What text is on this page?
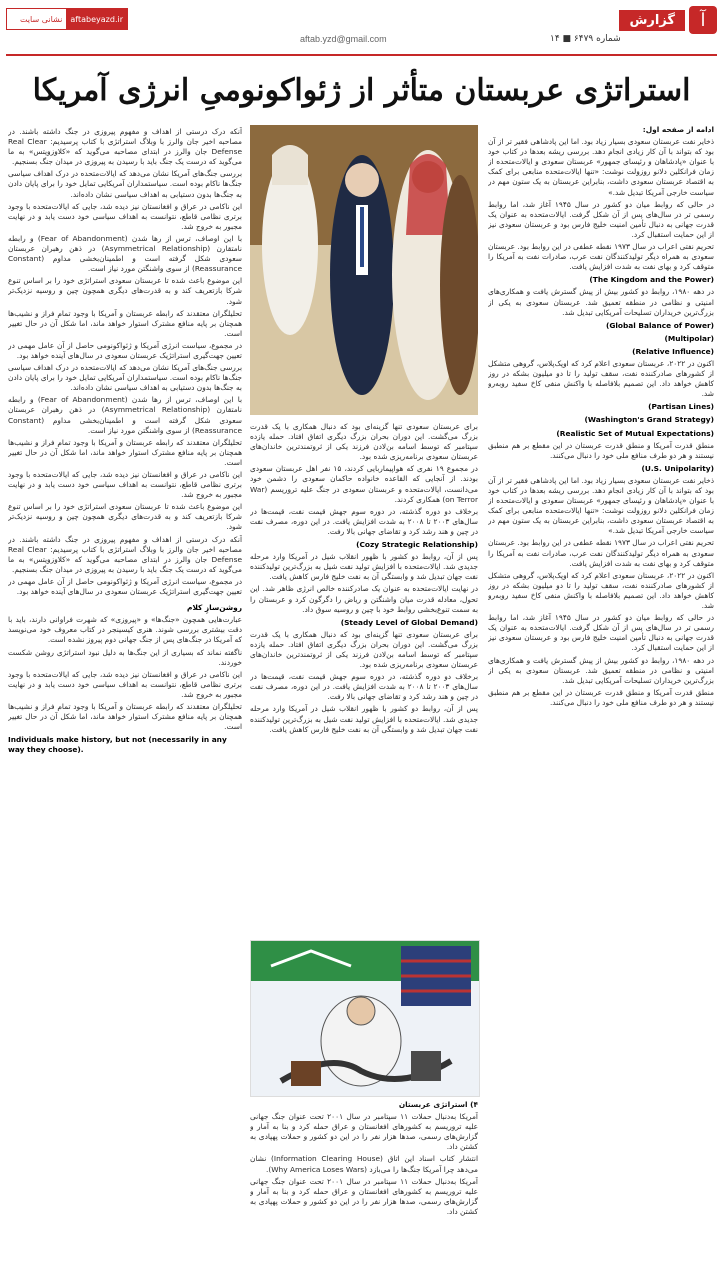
aftabeyazd.ir
نشانی سایت
aftab.yzd@gmail.com	۱۴ ■ شماره ۶۴۷۹
گزارش	آ
استراتژی عربستان متأثر از ژئواکونومیِ انرژی آمریکا
ادامه از صفحه اول:

ذخایر نفت عربستان سعودی بسیار زیاد بود. اما این پادشاهی فقیر تر از آن بود که بتواند با آن کار زیادی انجام دهد. بررسی ریشه بعدها در کتاب خود با عنوان «پادشاهان و رئیسای جمهور» عربستان سعودی و ایالات‌متحده از زمان فرانکلین دلانو روزولت نوشت: «تنها ایالات‌متحده منابعی برای کمک به اقتصاد عربستان سعودی داشت، بنابراین عربستان به یک ستون مهم در سیاست خارجی آمریکا تبدیل شد.»

در حالی که روابط میان دو کشور در سال ۱۹۴۵ آغاز شد، اما روابط رسمی تر در سال‌های پس از آن شکل گرفت. ایالات‌متحده به عنوان یک قدرت جهانی به دنبال تأمین امنیت خلیج فارس بود و عربستان سعودی نیز از این حمایت استقبال کرد.

تحریم نفتی اعراب در سال ۱۹۷۳ نقطه عطفی در این روابط بود. عربستان سعودی به همراه دیگر تولیدکنندگان نفت عرب، صادرات نفت به آمریکا را متوقف کرد و بهای نفت به شدت افزایش یافت.

(The Kingdom and the Power)

در دهه ۱۹۸۰، روابط دو کشور بیش از پیش گسترش یافت و همکاری‌های امنیتی و نظامی در منطقه تعمیق شد. عربستان سعودی به یکی از بزرگ‌ترین خریداران تسلیحات آمریکایی تبدیل شد.

(Global Balance of Power)
(Multipolar)
(Relative Influence)

اکنون در ۲۰۲۲، عربستان سعودی اعلام کرد که اوپک‌پلاس، گروهی متشکل از کشورهای صادرکننده نفت، سقف تولید را تا دو میلیون بشکه در روز کاهش خواهد داد. این تصمیم بلافاصله با واکنش منفی کاخ سفید روبه‌رو شد.

(Partisan Lines)
(Washington's Grand Strategy)
(Realistic Set of Mutual Expectations)

منطق قدرت آمریکا و منطق قدرت عربستان در این مقطع بر هم منطبق نیستند و هر دو طرف منافع ملی خود را دنبال می‌کنند.

(U.S. Unipolarity)

ذخایر نفت عربستان سعودی بسیار زیاد بود. اما این پادشاهی فقیر تر از آن بود که بتواند با آن کار زیادی انجام دهد. بررسی ریشه بعدها در کتاب خود با عنوان «پادشاهان و رئیسای جمهور» عربستان سعودی و ایالات‌متحده از زمان فرانکلین دلانو روزولت نوشت: «تنها ایالات‌متحده منابعی برای کمک به اقتصاد عربستان سعودی داشت، بنابراین عربستان به یک ستون مهم در سیاست خارجی آمریکا تبدیل شد.»

تحریم نفتی اعراب در سال ۱۹۷۳ نقطه عطفی در این روابط بود. عربستان سعودی به همراه دیگر تولیدکنندگان نفت عرب، صادرات نفت به آمریکا را متوقف کرد و بهای نفت به شدت افزایش یافت.

اکنون در ۲۰۲۲، عربستان سعودی اعلام کرد که اوپک‌پلاس، گروهی متشکل از کشورهای صادرکننده نفت، سقف تولید را تا دو میلیون بشکه در روز کاهش خواهد داد. این تصمیم بلافاصله با واکنش منفی کاخ سفید روبه‌رو شد.

در حالی که روابط میان دو کشور در سال ۱۹۴۵ آغاز شد، اما روابط رسمی تر در سال‌های پس از آن شکل گرفت. ایالات‌متحده به عنوان یک قدرت جهانی به دنبال تأمین امنیت خلیج فارس بود و عربستان سعودی نیز از این حمایت استقبال کرد.

در دهه ۱۹۸۰، روابط دو کشور بیش از پیش گسترش یافت و همکاری‌های امنیتی و نظامی در منطقه تعمیق شد. عربستان سعودی به یکی از بزرگ‌ترین خریداران تسلیحات آمریکایی تبدیل شد.

منطق قدرت آمریکا و منطق قدرت عربستان در این مقطع بر هم منطبق نیستند و هر دو طرف منافع ملی خود را دنبال می‌کنند.

برای عربستان سعودی تنها گزینه‌ای بود که دنبال همکاری با یک قدرت بزرگ می‌گشت. این دوران بحران بزرگ دیگری اتفاق افتاد. حمله یازده سپتامبر که توسط اسامه بن‌لادن فرزند یکی از ثروتمندترین خاندان‌های عربستان سعودی برنامه‌ریزی شده بود.

در مجموع ۱۹ نفری که هواپیماربایی کردند، ۱۵ نفر اهل عربستان سعودی بودند. از آنجایی که القاعده خانواده حاکمان سعودی را دشمن خود می‌دانست، ایالات‌متحده و عربستان سعودی در جنگ علیه تروریسم (War on Terror) همکاری کردند.

برخلاف دو دوره گذشته، در دوره سوم جهش قیمت نفت، قیمت‌ها در سال‌های ۲۰۰۳ تا ۲۰۰۸ به شدت افزایش یافت. در این دوره، مصرف نفت در چین و هند رشد کرد و تقاضای جهانی بالا رفت.

(Cozy Strategic Relationship)

پس از آن، روابط دو کشور با ظهور انقلاب شیل در آمریکا وارد مرحله جدیدی شد. ایالات‌متحده با افزایش تولید نفت شیل به بزرگ‌ترین تولیدکننده نفت جهان تبدیل شد و وابستگی آن به نفت خلیج فارس کاهش یافت.

در نهایت ایالات‌متحده به عنوان یک صادرکننده خالص انرژی ظاهر شد. این تحول، معادله قدرت میان واشنگتن و ریاض را دگرگون کرد و عربستان را به سمت تنوع‌بخشی روابط خود با چین و روسیه سوق داد.

(Steady Level of Global Demand)

برای عربستان سعودی تنها گزینه‌ای بود که دنبال همکاری با یک قدرت بزرگ می‌گشت. این دوران بحران بزرگ دیگری اتفاق افتاد. حمله یازده سپتامبر که توسط اسامه بن‌لادن فرزند یکی از ثروتمندترین خاندان‌های عربستان سعودی برنامه‌ریزی شده بود.

برخلاف دو دوره گذشته، در دوره سوم جهش قیمت نفت، قیمت‌ها در سال‌های ۲۰۰۳ تا ۲۰۰۸ به شدت افزایش یافت. در این دوره، مصرف نفت در چین و هند رشد کرد و تقاضای جهانی بالا رفت.

پس از آن، روابط دو کشور با ظهور انقلاب شیل در آمریکا وارد مرحله جدیدی شد. ایالات‌متحده با افزایش تولید نفت شیل به بزرگ‌ترین تولیدکننده نفت جهان تبدیل شد و وابستگی آن به نفت خلیج فارس کاهش یافت.

۴) استراتژی عربستان

آمریکا به‌دنبال حملات ۱۱ سپتامبر در سال ۲۰۰۱ تحت عنوان جنگ جهانی علیه تروریسم به کشورهای افغانستان و عراق حمله کرد و بنا به آمار و گزارش‌های رسمی، صدها هزار نفر را در این دو کشور و حملات پهپادی به کشتن داد.

انتشار کتاب اسناد این اتاق (Information Clearing House) نشان می‌دهد چرا آمریکا جنگ‌ها را می‌بازد (Why America Loses Wars).

آمریکا به‌دنبال حملات ۱۱ سپتامبر در سال ۲۰۰۱ تحت عنوان جنگ جهانی علیه تروریسم به کشورهای افغانستان و عراق حمله کرد و بنا به آمار و گزارش‌های رسمی، صدها هزار نفر را در این دو کشور و حملات پهپادی به کشتن داد.

آنکه درک درستی از اهداف و مفهوم پیروزی در جنگ داشته باشند. در مصاحبه اخیر جان والرز با وبلاگ استراتژی با کتاب پرسیدیم: Real Clear Defense جان والرز در ابتدای مصاحبه می‌گوید که «کلاوزویتس» به ما می‌گوید که درست یک جنگ باید با رسیدن به پیروزی در میدان جنگ بسنجیم.

بررسی جنگ‌های آمریکا نشان می‌دهد که ایالات‌متحده در درک اهداف سیاسی جنگ‌ها ناکام بوده است. سیاستمداران آمریکایی تمایل خود را برای پایان دادن به جنگ‌ها بدون دستیابی به اهداف سیاسی نشان داده‌اند.

این ناکامی در عراق و افغانستان نیز دیده شد، جایی که ایالات‌متحده با وجود برتری نظامی قاطع، نتوانست به اهداف سیاسی خود دست یابد و در نهایت مجبور به خروج شد.

با این اوصاف، ترس از رها شدن (Fear of Abandonment) و رابطه نامتقارن (Asymmetrical Relationship) در ذهن رهبران عربستان سعودی شکل گرفته است و اطمینان‌بخشی مداوم (Constant Reassurance) از سوی واشنگتن مورد نیاز است.

این موضوع باعث شده تا عربستان سعودی استراتژی خود را بر اساس تنوع شرکا بازتعریف کند و به قدرت‌های دیگری همچون چین و روسیه نزدیک‌تر شود.

تحلیلگران معتقدند که رابطه عربستان و آمریکا با وجود تمام فراز و نشیب‌ها همچنان بر پایه منافع مشترک استوار خواهد ماند، اما شکل آن در حال تغییر است.

در مجموع، سیاست انرژی آمریکا و ژئواکونومی حاصل از آن عامل مهمی در تعیین جهت‌گیری استراتژیک عربستان سعودی در سال‌های آینده خواهد بود.

بررسی جنگ‌های آمریکا نشان می‌دهد که ایالات‌متحده در درک اهداف سیاسی جنگ‌ها ناکام بوده است. سیاستمداران آمریکایی تمایل خود را برای پایان دادن به جنگ‌ها بدون دستیابی به اهداف سیاسی نشان داده‌اند.

با این اوصاف، ترس از رها شدن (Fear of Abandonment) و رابطه نامتقارن (Asymmetrical Relationship) در ذهن رهبران عربستان سعودی شکل گرفته است و اطمینان‌بخشی مداوم (Constant Reassurance) از سوی واشنگتن مورد نیاز است.

تحلیلگران معتقدند که رابطه عربستان و آمریکا با وجود تمام فراز و نشیب‌ها همچنان بر پایه منافع مشترک استوار خواهد ماند، اما شکل آن در حال تغییر است.

این ناکامی در عراق و افغانستان نیز دیده شد، جایی که ایالات‌متحده با وجود برتری نظامی قاطع، نتوانست به اهداف سیاسی خود دست یابد و در نهایت مجبور به خروج شد.

این موضوع باعث شده تا عربستان سعودی استراتژی خود را بر اساس تنوع شرکا بازتعریف کند و به قدرت‌های دیگری همچون چین و روسیه نزدیک‌تر شود.

آنکه درک درستی از اهداف و مفهوم پیروزی در جنگ داشته باشند. در مصاحبه اخیر جان والرز با وبلاگ استراتژی با کتاب پرسیدیم: Real Clear Defense جان والرز در ابتدای مصاحبه می‌گوید که «کلاوزویتس» به ما می‌گوید که درست یک جنگ باید با رسیدن به پیروزی در میدان جنگ بسنجیم.

در مجموع، سیاست انرژی آمریکا و ژئواکونومی حاصل از آن عامل مهمی در تعیین جهت‌گیری استراتژیک عربستان سعودی در سال‌های آینده خواهد بود.

روشن‌سازِ کلام

عبارت‌هایی همچون «جنگ‌ها» و «پیروزی» که شهرت فراوانی دارند، باید با دقت بیشتری بررسی شوند. هنری کیسینجر در کتاب معروف خود می‌نویسد که آمریکا در جنگ‌های پس از جنگ جهانی دوم پیروز نشده است.

ناگفته نماند که بسیاری از این جنگ‌ها به دلیل نبود استراتژی روشن شکست خوردند.

این ناکامی در عراق و افغانستان نیز دیده شد، جایی که ایالات‌متحده با وجود برتری نظامی قاطع، نتوانست به اهداف سیاسی خود دست یابد و در نهایت مجبور به خروج شد.

تحلیلگران معتقدند که رابطه عربستان و آمریکا با وجود تمام فراز و نشیب‌ها همچنان بر پایه منافع مشترک استوار خواهد ماند، اما شکل آن در حال تغییر است.

Individuals make history, but not (necessarily in any way they choose).
